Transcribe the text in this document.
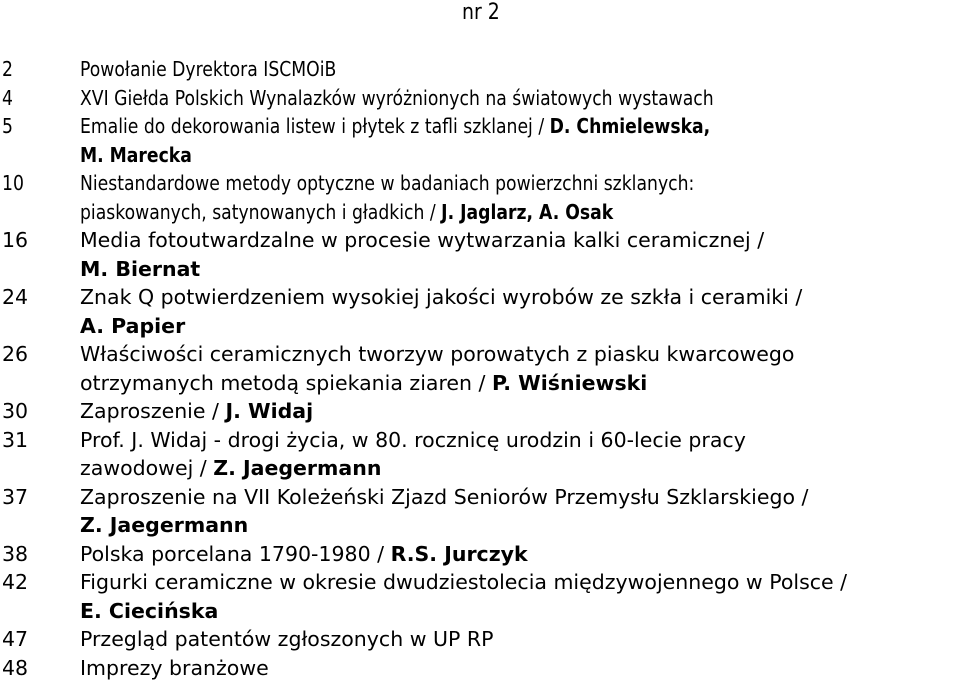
nr 2
2	Powołanie Dyrektora ISCMOiB
4	XVI Giełda Polskich Wynalazków wyróżnionych na światowych wystawach
5	Emalie do dekorowania listew i płytek z tafli szklanej / D. Chmielewska,
M. Marecka
10	Niestandardowe metody optyczne w badaniach powierzchni szklanych:
piaskowanych, satynowanych i gładkich / J. Jaglarz, A. Osak
16	Media fotoutwardzalne w procesie wytwarzania kalki ceramicznej /
M. Biernat
24	Znak Q potwierdzeniem wysokiej jakości wyrobów ze szkła i ceramiki /
A. Papier
26	Właściwości ceramicznych tworzyw porowatych z piasku kwarcowego
otrzymanych metodą spiekania ziaren / P. Wiśniewski
30	Zaproszenie / J. Widaj
31	Prof. J. Widaj - drogi życia, w 80. rocznicę urodzin i 60-lecie pracy
zawodowej / Z. Jaegermann
37	Zaproszenie na VII Koleżeński Zjazd Seniorów Przemysłu Szklarskiego /
Z. Jaegermann
38	Polska porcelana 1790-1980 / R.S. Jurczyk
42	Figurki ceramiczne w okresie dwudziestolecia międzywojennego w Polsce /
E. Ciecińska
47	Przegląd patentów zgłoszonych w UP RP
48	Imprezy branżowe
